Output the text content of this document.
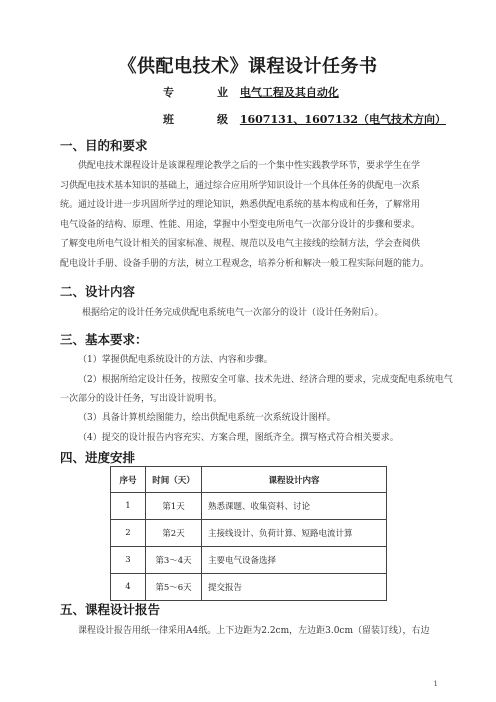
《供配电技术》课程设计任务书
专	业 电气工程及其自动化
班	级 1607131、1607132（电气技术方向）
一、目的和要求
供配电技术课程设计是该课程理论教学之后的一个集中性实践教学环节，要求学生在学
习供配电技术基本知识的基础上，通过综合应用所学知识设计一个具体任务的供配电一次系
统。通过设计进一步巩固所学过的理论知识，熟悉供配电系统的基本构成和任务，了解常用
电气设备的结构、原理、性能、用途，掌握中小型变电所电气一次部分设计的步骤和要求。
了解变电所电气设计相关的国家标准、规程、规范以及电气主接线的绘制方法，学会查阅供
配电设计手册、设备手册的方法，树立工程观念，培养分析和解决一般工程实际问题的能力。
二、设计内容
根据给定的设计任务完成供配电系统电气一次部分的设计（设计任务附后）。
三、基本要求：
（1）掌握供配电系统设计的方法、内容和步骤。
（2）根据所给定设计任务，按照安全可靠、技术先进、经济合理的要求，完成变配电系统电气
一次部分的设计任务，写出设计说明书。
（3）具备计算机绘图能力，绘出供配电系统一次系统设计图样。
（4）提交的设计报告内容充实、方案合理，图纸齐全。撰写格式符合相关要求。
四、进度安排
序号	时间（天）	课程设计内容
1	第1天	熟悉课题、收集资料、讨论
2	第2天	主接线设计、负荷计算、短路电流计算
3	第3～4天	主要电气设备选择
4	第5～6天	提交报告
五、课程设计报告
课程设计报告用纸一律采用A4纸。上下边距为2.2cm，左边距3.0cm（留装订线），右边
1
